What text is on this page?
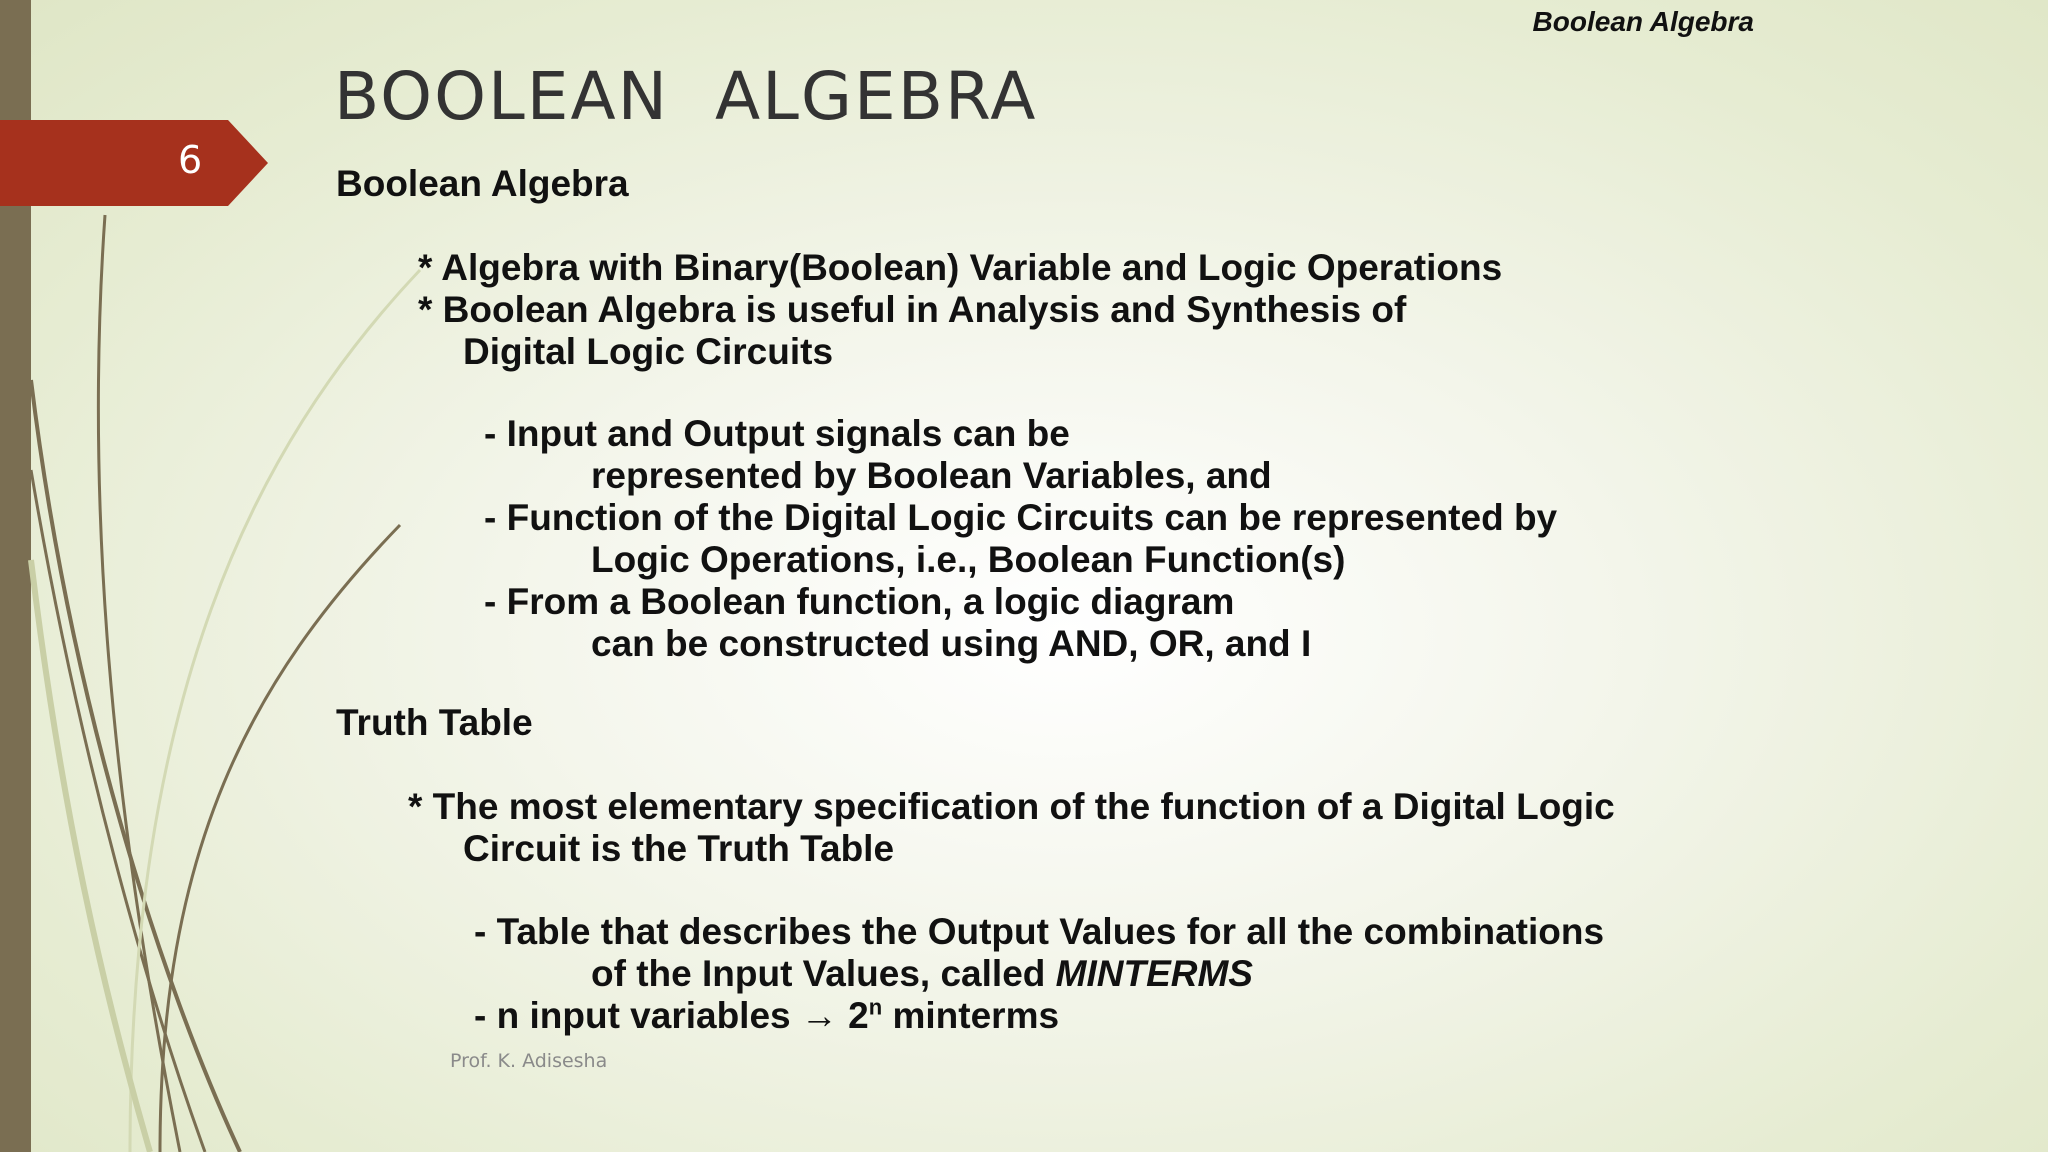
6
Boolean Algebra
BOOLEAN  ALGEBRA
Boolean Algebra
* Algebra with Binary(Boolean) Variable and Logic Operations
* Boolean Algebra is useful in Analysis and Synthesis of
Digital Logic Circuits
- Input and Output signals can be
represented by Boolean Variables, and
- Function of the Digital Logic Circuits can be represented by
Logic Operations, i.e., Boolean Function(s)
- From a Boolean function, a logic diagram
can be constructed using AND, OR, and I
Truth Table
* The most elementary specification of the function of a Digital Logic
Circuit is the Truth Table
- Table that describes the Output Values for all the combinations
of the Input Values, called MINTERMS
- n input variables → $2^n$ minterms
Prof. K. Adisesha
